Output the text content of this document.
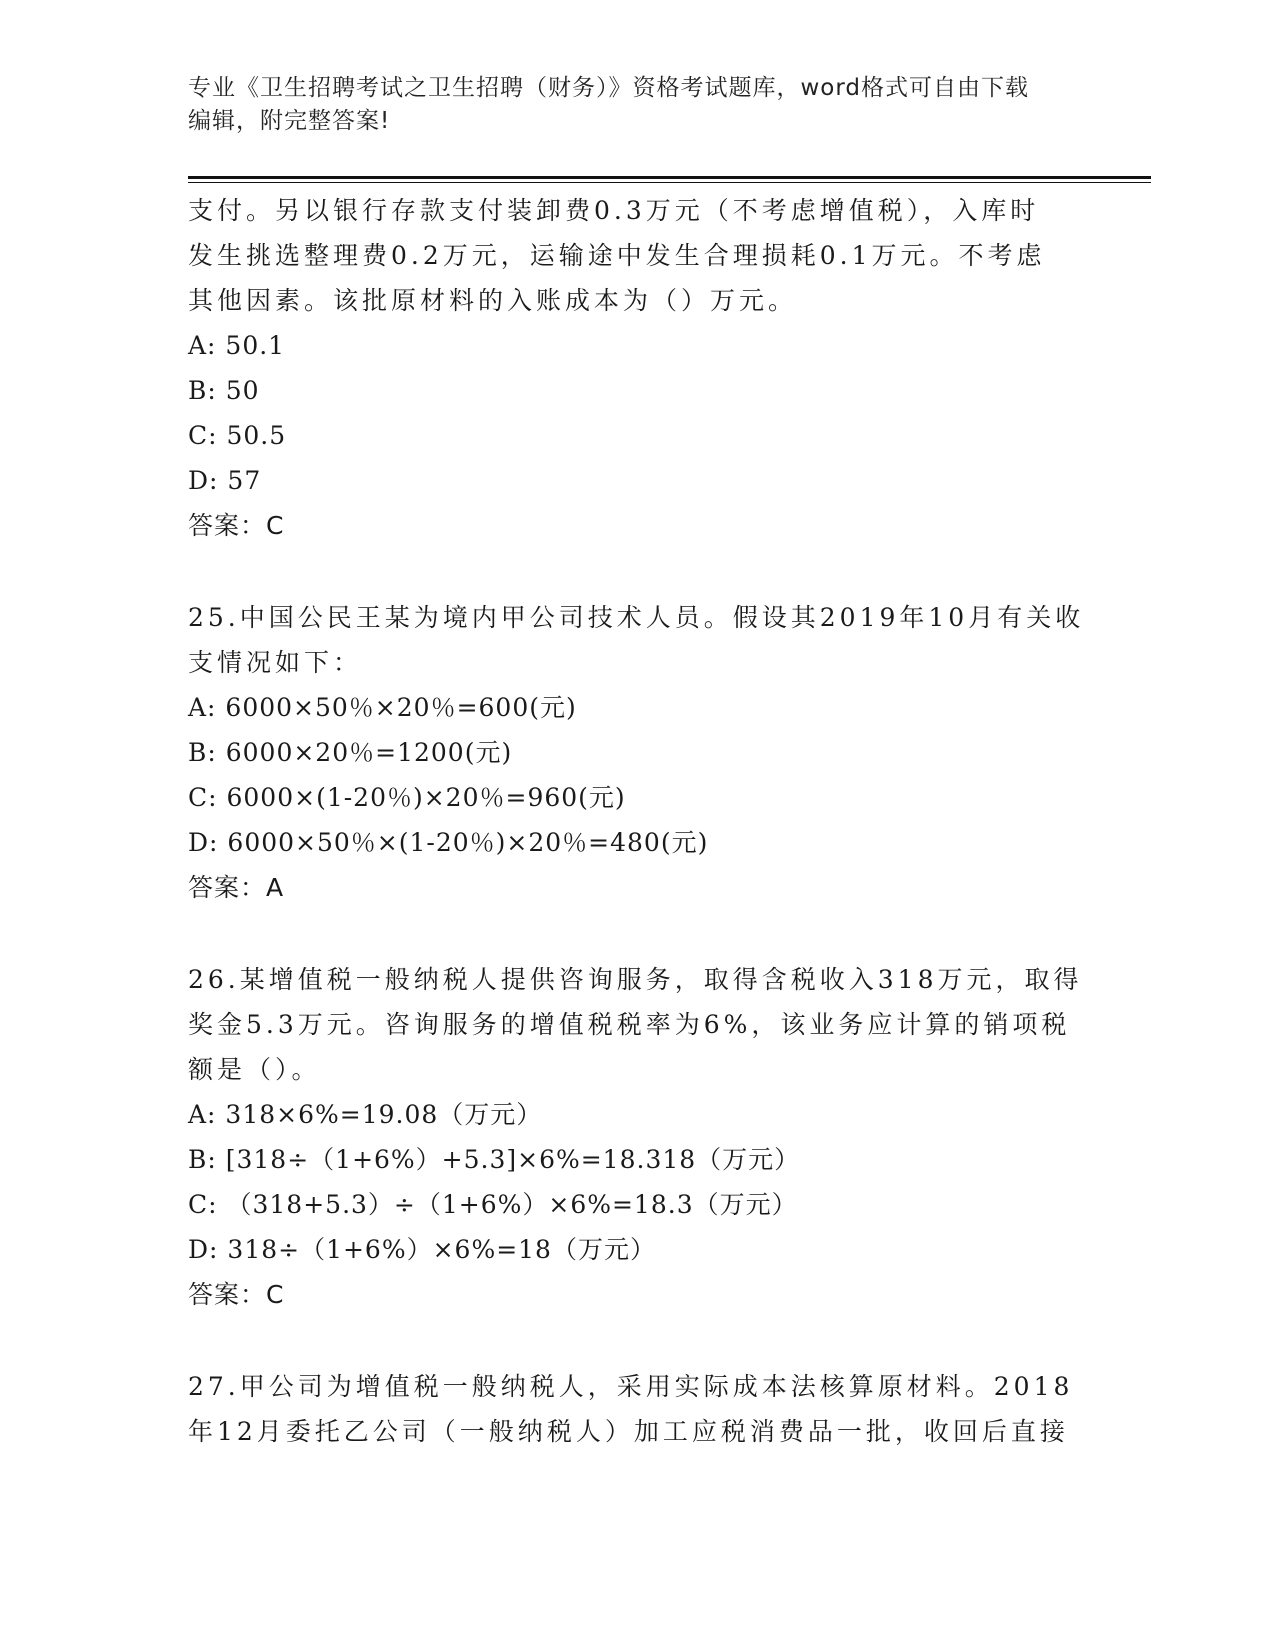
专业《卫生招聘考试之卫生招聘（财务）》资格考试题库，word格式可自由下载
编辑，附完整答案!
支付。另以银行存款支付装卸费0.3万元（不考虑增值税），入库时
发生挑选整理费0.2万元，运输途中发生合理损耗0.1万元。不考虑
其他因素。该批原材料的入账成本为（）万元。
A: 50.1
B: 50
C: 50.5
D: 57
答案：C
25.中国公民王某为境内甲公司技术人员。假设其2019年10月有关收
支情况如下：
A: 6000×50％×20％=600(元)
B: 6000×20％=1200(元)
C: 6000×(1-20％)×20％=960(元)
D: 6000×50％×(1-20％)×20％=480(元)
答案：A
26.某增值税一般纳税人提供咨询服务，取得含税收入318万元，取得
奖金5.3万元。咨询服务的增值税税率为6%，该业务应计算的销项税
额是（）。
A: 318×6%=19.08（万元）
B: [318÷（1+6%）+5.3]×6%=18.318（万元）
C: （318+5.3）÷（1+6%）×6%=18.3（万元）
D: 318÷（1+6%）×6%=18（万元）
答案：C
27.甲公司为增值税一般纳税人，采用实际成本法核算原材料。2018
年12月委托乙公司（一般纳税人）加工应税消费品一批，收回后直接
